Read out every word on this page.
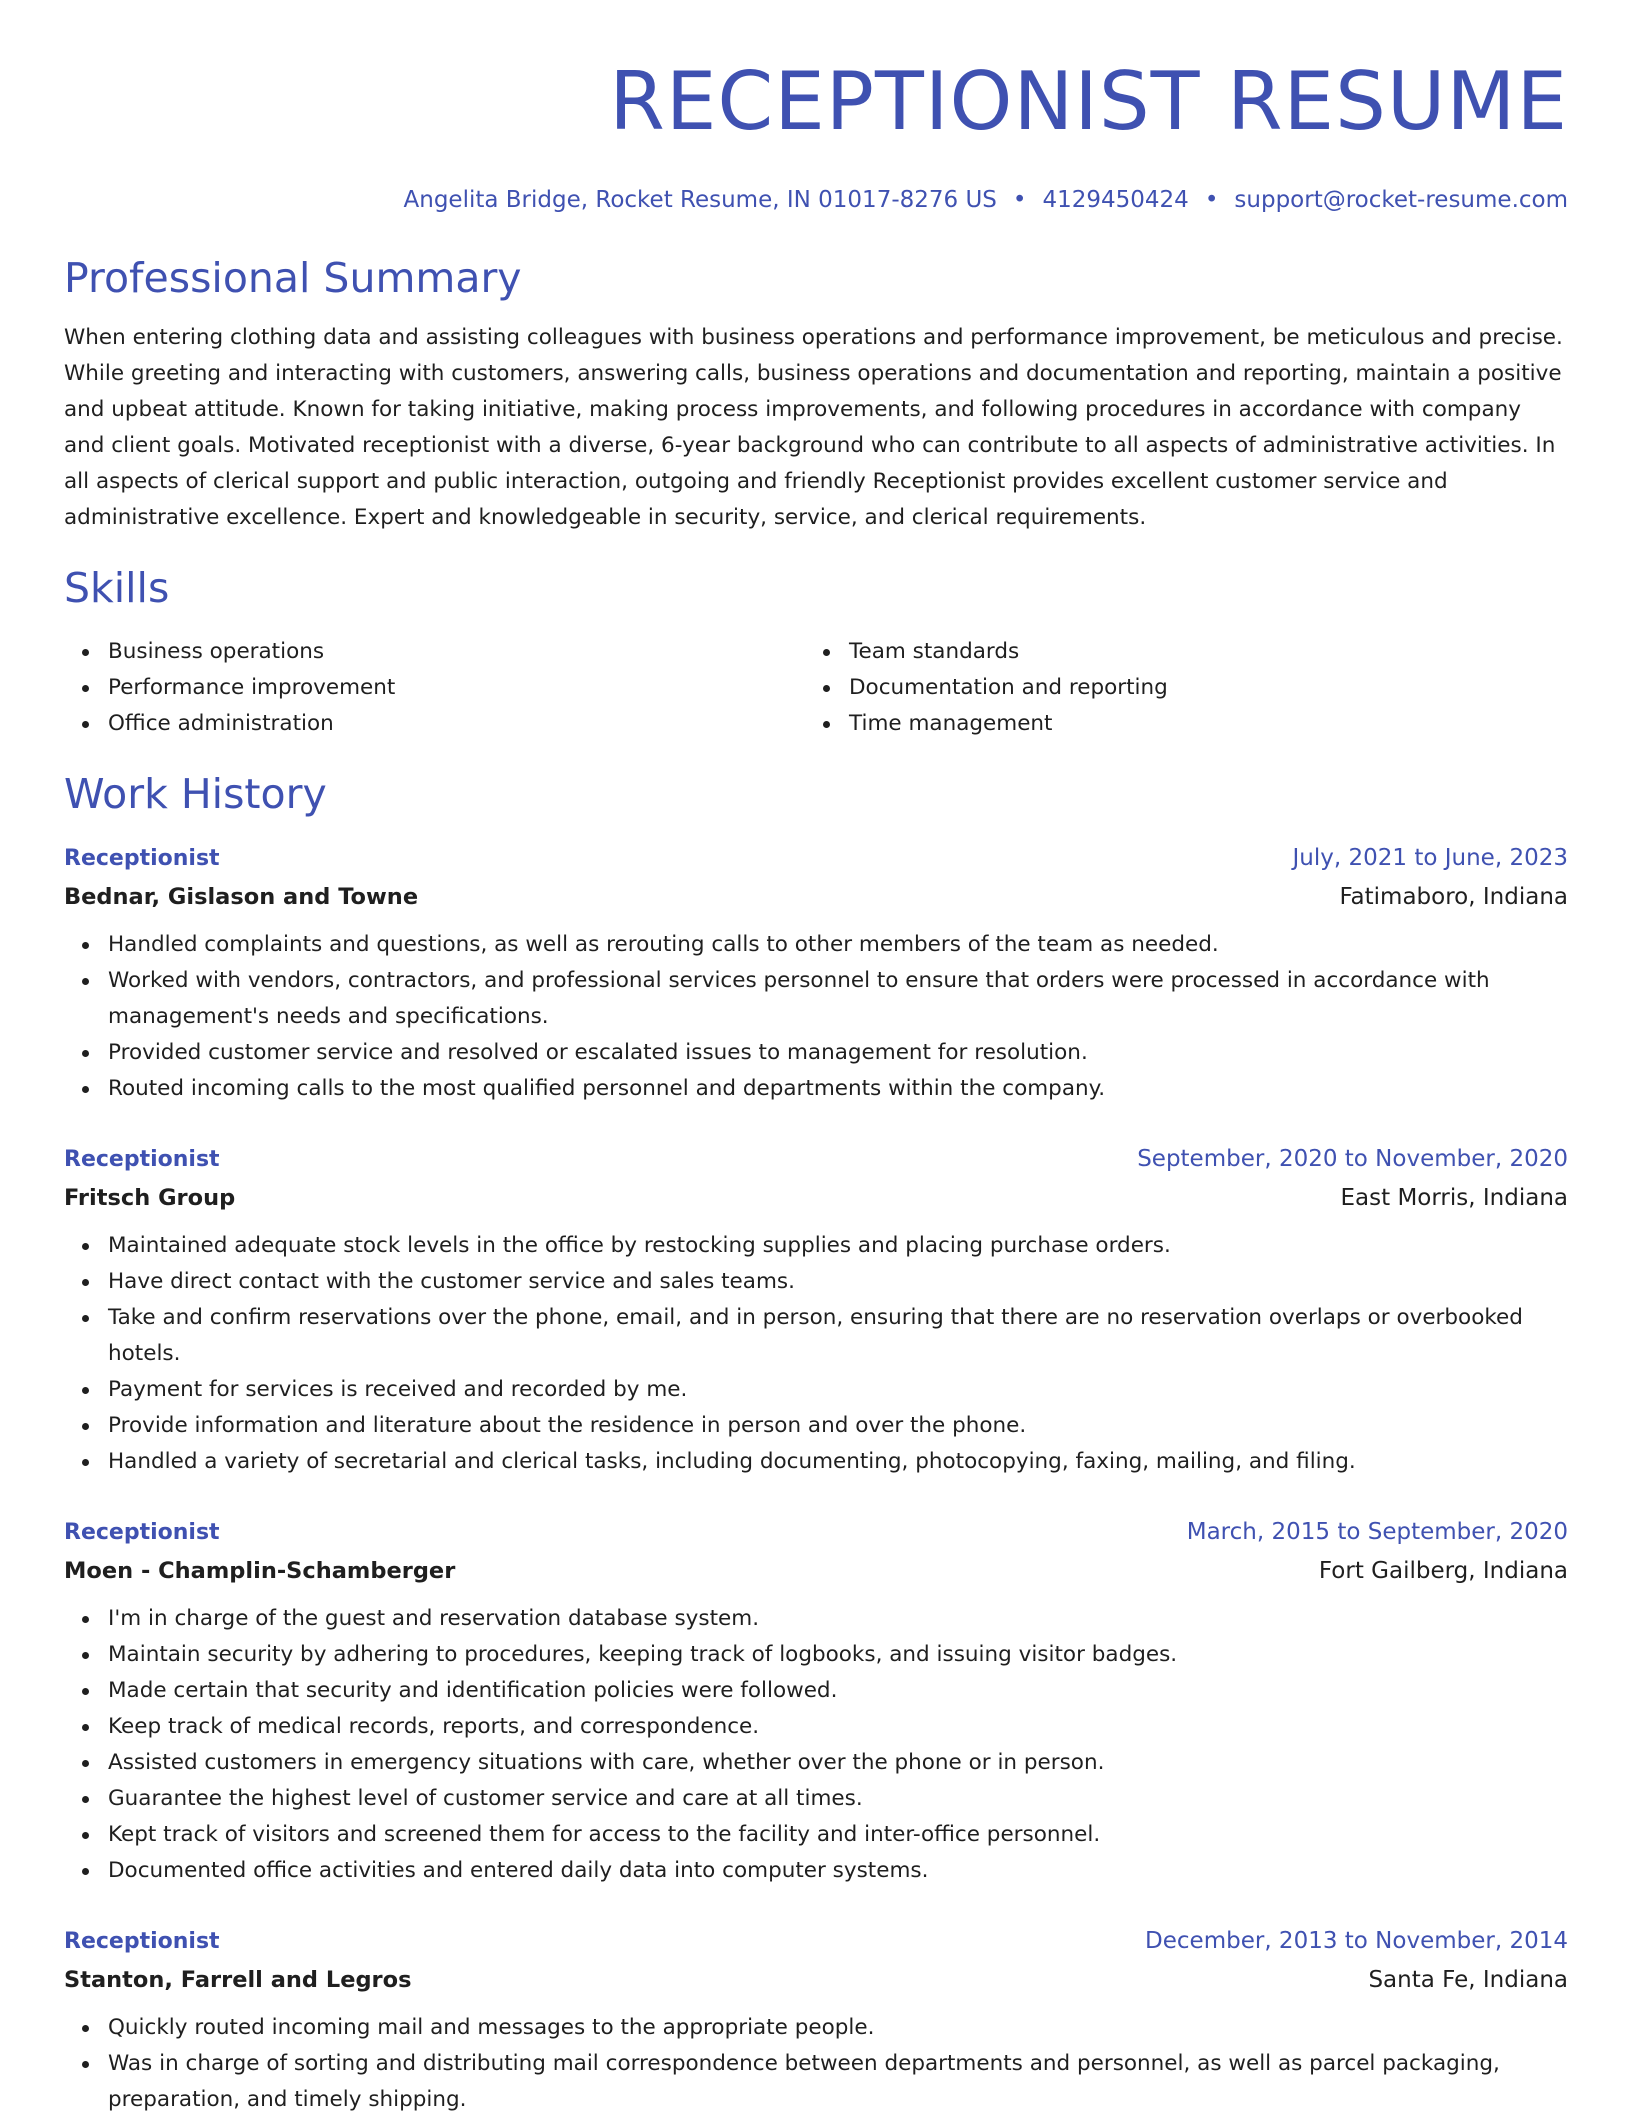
RECEPTIONIST RESUME
Angelita Bridge, Rocket Resume, IN 01017-8276 US • 4129450424 • support@rocket-resume.com
Professional Summary
When entering clothing data and assisting colleagues with business operations and performance improvement, be meticulous and precise. While greeting and interacting with customers, answering calls, business operations and documentation and reporting, maintain a positive and upbeat attitude. Known for taking initiative, making process improvements, and following procedures in accordance with company and client goals. Motivated receptionist with a diverse, 6-year background who can contribute to all aspects of administrative activities. In all aspects of clerical support and public interaction, outgoing and friendly Receptionist provides excellent customer service and administrative excellence. Expert and knowledgeable in security, service, and clerical requirements.
Skills
Business operations
Performance improvement
Office administration
Team standards
Documentation and reporting
Time management
Work History
Receptionist	July, 2021 to June, 2023
Bednar, Gislason and Towne	Fatimaboro, Indiana
Handled complaints and questions, as well as rerouting calls to other members of the team as needed.
Worked with vendors, contractors, and professional services personnel to ensure that orders were processed in accordance with management's needs and specifications.
Provided customer service and resolved or escalated issues to management for resolution.
Routed incoming calls to the most qualified personnel and departments within the company.
Receptionist	September, 2020 to November, 2020
Fritsch Group	East Morris, Indiana
Maintained adequate stock levels in the office by restocking supplies and placing purchase orders.
Have direct contact with the customer service and sales teams.
Take and confirm reservations over the phone, email, and in person, ensuring that there are no reservation overlaps or overbooked hotels.
Payment for services is received and recorded by me.
Provide information and literature about the residence in person and over the phone.
Handled a variety of secretarial and clerical tasks, including documenting, photocopying, faxing, mailing, and filing.
Receptionist	March, 2015 to September, 2020
Moen - Champlin-Schamberger	Fort Gailberg, Indiana
I'm in charge of the guest and reservation database system.
Maintain security by adhering to procedures, keeping track of logbooks, and issuing visitor badges.
Made certain that security and identification policies were followed.
Keep track of medical records, reports, and correspondence.
Assisted customers in emergency situations with care, whether over the phone or in person.
Guarantee the highest level of customer service and care at all times.
Kept track of visitors and screened them for access to the facility and inter-office personnel.
Documented office activities and entered daily data into computer systems.
Receptionist	December, 2013 to November, 2014
Stanton, Farrell and Legros	Santa Fe, Indiana
Quickly routed incoming mail and messages to the appropriate people.
Was in charge of sorting and distributing mail correspondence between departments and personnel, as well as parcel packaging, preparation, and timely shipping.
